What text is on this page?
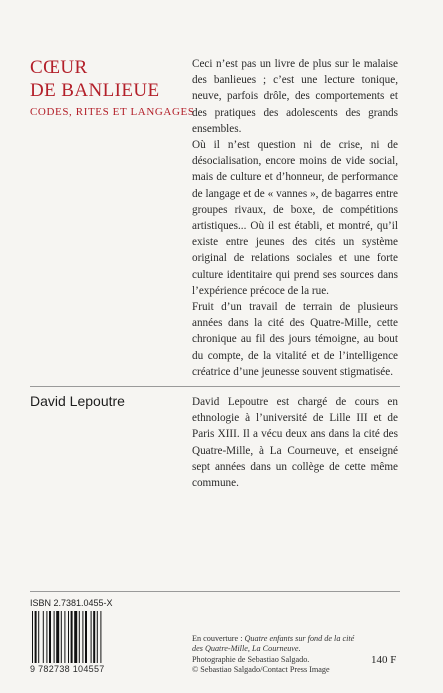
CŒUR
DE BANLIEUE
CODES, RITES ET LANGAGES

Ceci n’est pas un livre de plus sur le malaise des banlieues ; c’est une lecture tonique, neuve, parfois drôle, des comportements et des pratiques des adolescents des grands ensembles.

Où il n’est question ni de crise, ni de désocialisation, encore moins de vide social, mais de culture et d’honneur, de performance de langage et de « vannes », de bagarres entre groupes rivaux, de boxe, de compétitions artistiques... Où il est établi, et montré, qu’il existe entre jeunes des cités un système original de relations sociales et une forte culture identitaire qui prend ses sources dans l’expérience précoce de la rue.

Fruit d’un travail de terrain de plusieurs années dans la cité des Quatre-Mille, cette chronique au fil des jours témoigne, au bout du compte, de la vitalité et de l’intelligence créatrice d’une jeunesse souvent stigmatisée.

David Lepoutre	David Lepoutre est chargé de cours en ethnologie à l’université de Lille III et de Paris XIII. Il a vécu deux ans dans la cité des Quatre-Mille, à La Courneuve, et enseigné sept années dans un collège de cette même commune.

ISBN 2.7381.0455-X
9 782738 104557
En couverture : Quatre enfants sur fond de la cité des Quatre-Mille, La Courneuve.
Photographie de Sebastiao Salgado.
© Sebastiao Salgado/Contact Press Image
140 F
